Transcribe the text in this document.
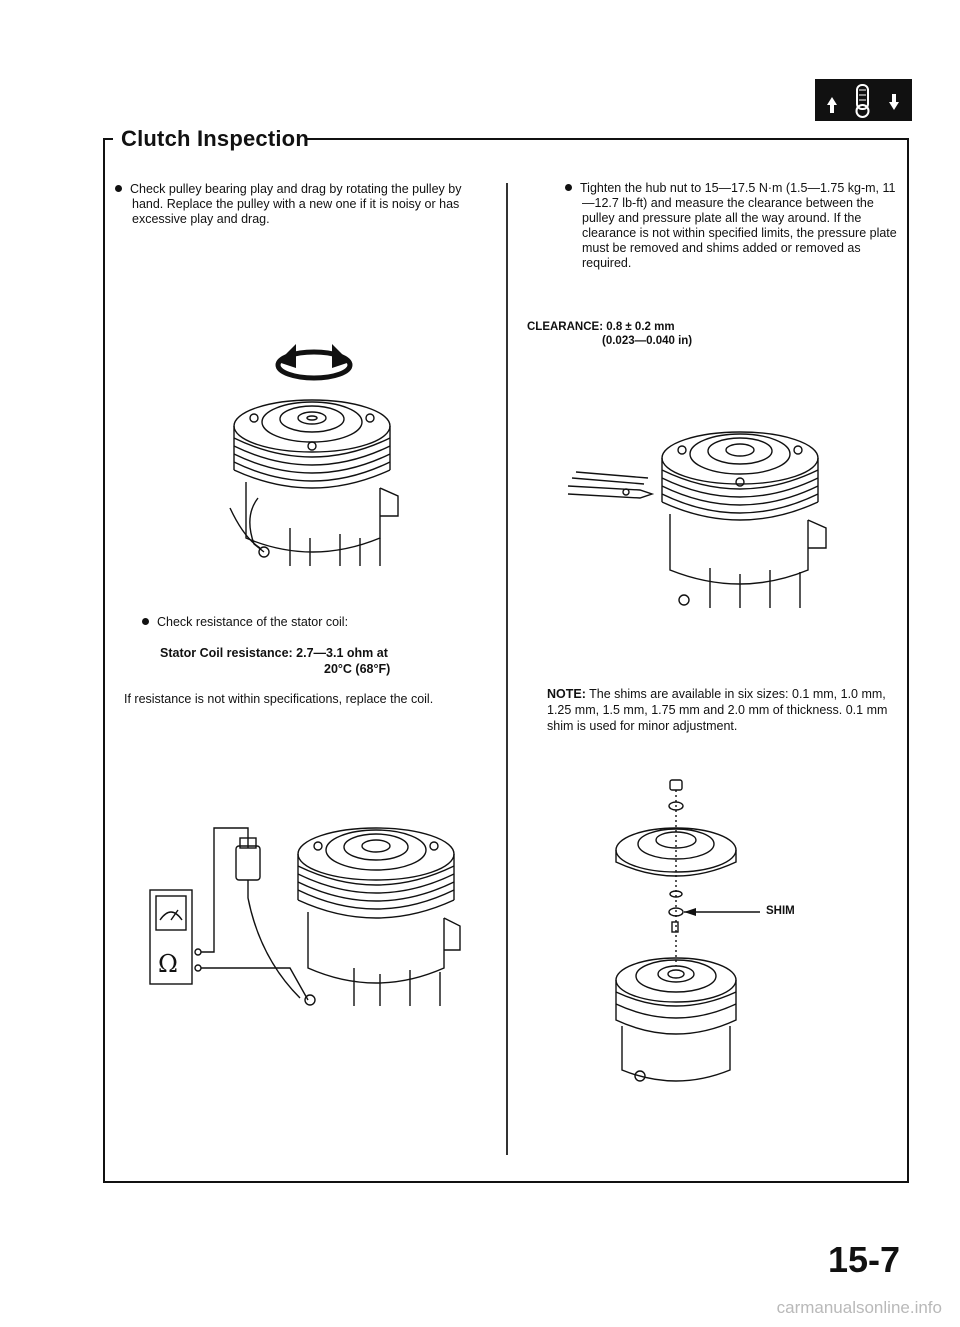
Clutch Inspection
Check pulley bearing play and drag by rotating the pulley by hand. Replace the pulley with a new one if it is noisy or has excessive play and drag.
Check resistance of the stator coil:
Stator Coil resistance: 2.7—3.1 ohm at
20°C (68°F)
If resistance is not within specifications, replace the coil.
Ω
Tighten the hub nut to 15—17.5 N·m (1.5—1.75 kg-m, 11—12.7 lb-ft) and measure the clearance between the pulley and pressure plate all the way around. If the clearance is not within specified limits, the pressure plate must be removed and shims added or removed as required.
CLEARANCE: 0.8 ± 0.2 mm
(0.023—0.040 in)
NOTE: The shims are available in six sizes: 0.1 mm, 1.0 mm, 1.25 mm, 1.5 mm, 1.75 mm and 2.0 mm of thickness. 0.1 mm shim is used for minor adjustment.
SHIM
15-7
carmanualsonline.info
